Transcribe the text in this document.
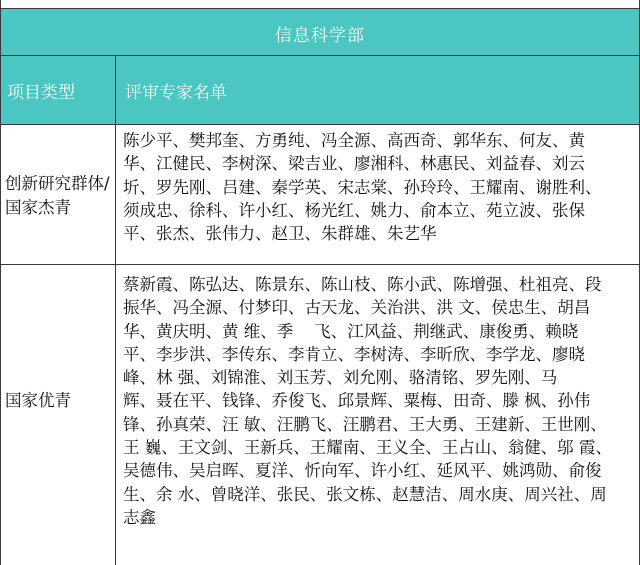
信息科学部
项目类型	评审专家名单
创新研究群体/
国家杰青
陈少平、樊邦奎、方勇纯、冯全源、高西奇、郭华东、何友、黄
华、江健民、李树深、梁吉业、廖湘科、林惠民、刘益春、刘云
圻、罗先刚、吕建、秦学英、宋志棠、孙玲玲、王耀南、谢胜利、
须成忠、徐科、许小红、杨光红、姚力、俞本立、苑立波、张保
平、张杰、张伟力、赵卫、朱群雄、朱艺华
国家优青
蔡新霞、陈弘达、陈景东、陈山枝、陈小武、陈增强、杜祖亮、段
振华、冯全源、付梦印、古天龙、关治洪、洪 文、侯忠生、胡昌
华、黄庆明、黄 维、季    飞、江风益、荆继武、康俊勇、赖晓
平、李步洪、李传东、李肯立、李树涛、李昕欣、李学龙、廖晓
峰、林 强、刘锦淮、刘玉芳、刘允刚、骆清铭、罗先刚、马
辉、聂在平、钱锋、乔俊飞、邱景辉、粟梅、田奇、滕 枫、孙伟
锋、孙真荣、汪 敏、汪鹏飞、汪鹏君、王大勇、王建新、王世刚、
王 巍、王文剑、王新兵、王耀南、王义全、王占山、翁健、邬 霞、
吴德伟、吴启晖、夏洋、忻向军、许小红、延风平、姚鸿勋、俞俊
生、余 水、曾晓洋、张民、张文栋、赵慧洁、周水庚、周兴社、周
志鑫
